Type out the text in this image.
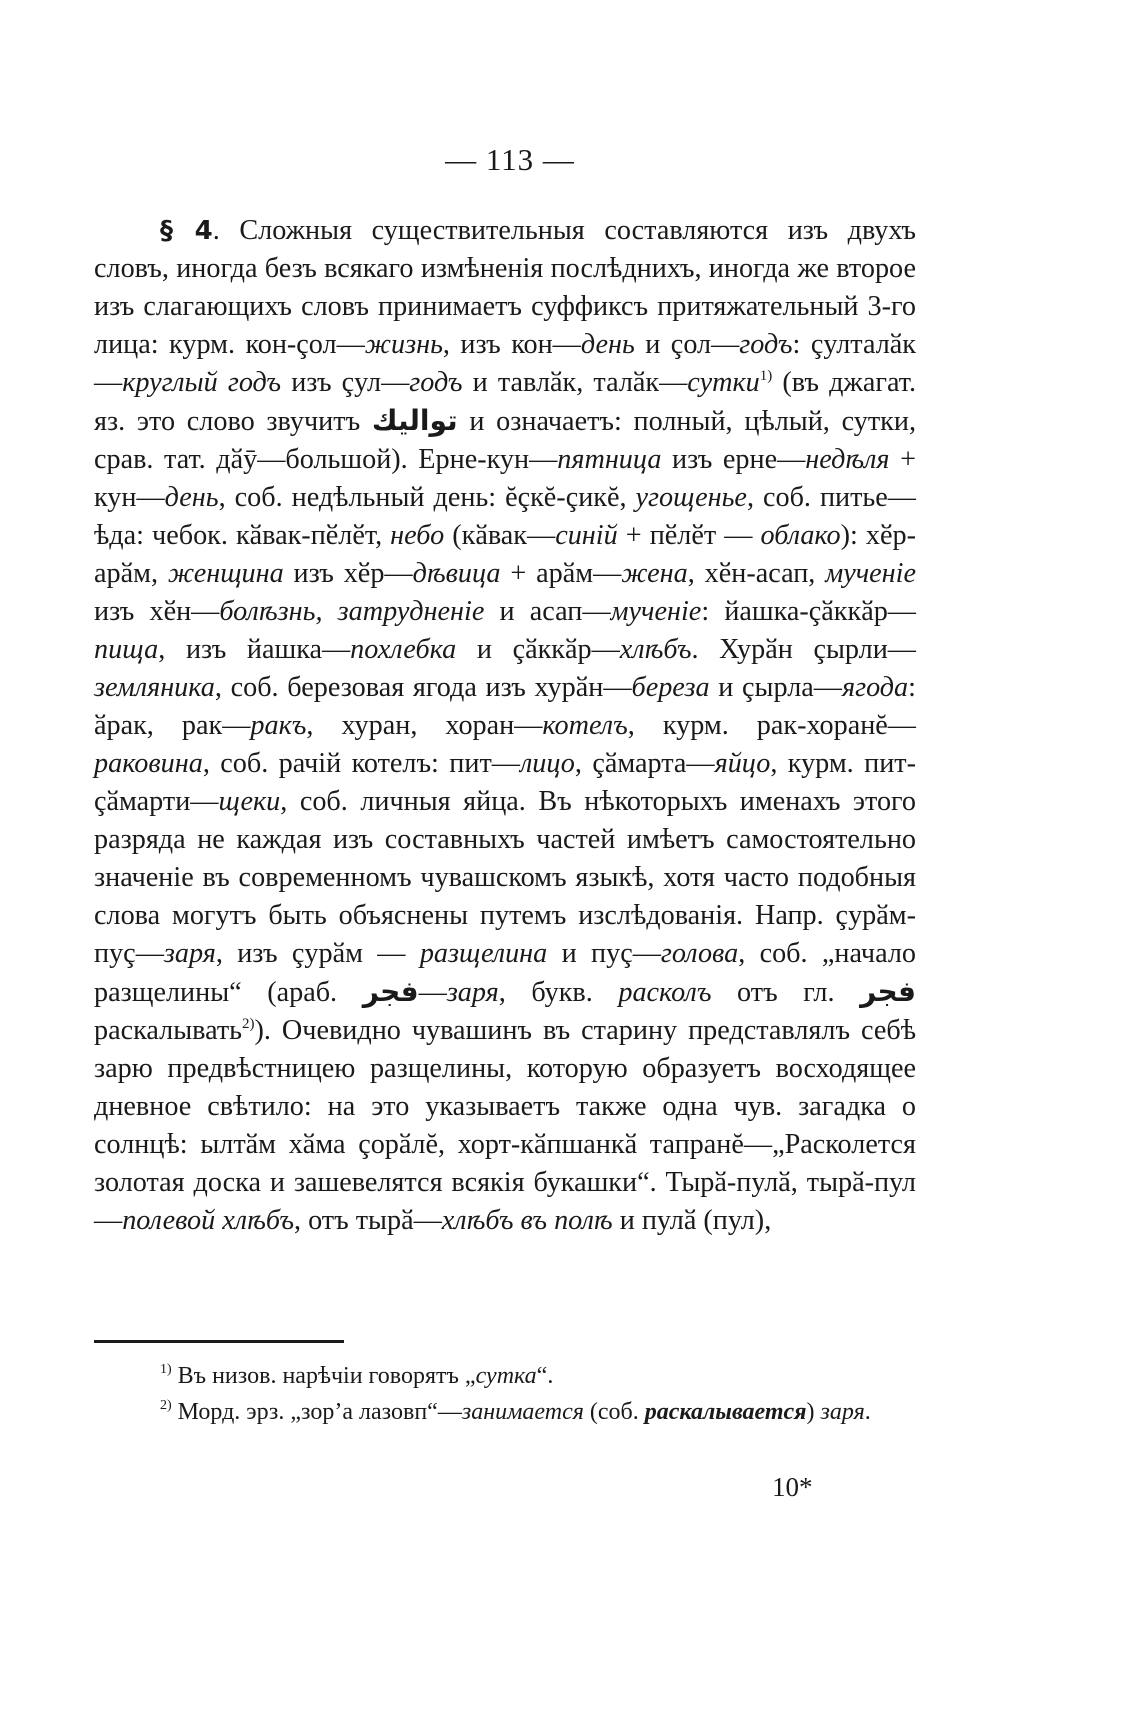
— 113 —

§ 4. Сложныя существительныя составляются изъ двухъ словъ, иногда безъ всякаго измѣненія послѣднихъ, иногда же второе изъ слагающихъ словъ принимаетъ суффиксъ притяжательный 3-го лица: курм. кон-çол—жизнь, изъ кон—день и çол—годъ: çулталӑк—круглый годъ изъ çул—годъ и тавлӑк, талӑк—сутки$^{1)}$ (въ джагат. яз. это слово звучитъ تواليك и означаетъ: полный, цѣлый, сутки, срав. тат. дӑӯ—большой). Ерне-кун—пятница изъ ерне—недѣля + кун—день, соб. недѣльный день: ĕçкĕ-çикĕ, угощенье, соб. питье—ѣда: чебок. кӑвак-пӗлӗт, небо (кӑвак—синій + пӗлӗт — облако): хӗр-арӑм, женщина изъ хӗр—дѣвица + арӑм—жена, хӗн-асап, мученіе изъ хӗн—болѣзнь, затрудненіе и асап—мученіе: йашка-çӑккӑр—пища, изъ йашка—похлебка и çӑккӑр—хлѣбъ. Хурӑн çырли—земляника, соб. березовая ягода изъ хурӑн—береза и çырла—ягода: ӑрак, рак—ракъ, хуран, хоран—котелъ, курм. рак-хоранĕ—раковина, соб. рачій котелъ: пит—лицо, çӑмарта—яйцо, курм. пит-çӑмарти—щеки, соб. личныя яйца. Въ нѣкоторыхъ именахъ этого разряда не каждая изъ составныхъ частей имѣетъ самостоятельно значеніе въ современномъ чувашскомъ языкѣ, хотя часто подобныя слова могутъ быть объяснены путемъ изслѣдованія. Напр. çурӑм-пуç—заря, изъ çурӑм — разщелина и пуç—голова, соб. „начало разщелины“ (араб. فجر—заря, букв. расколъ отъ гл. فجر раскалывать$^{2)}$). Очевидно чувашинъ въ старину представлялъ себѣ зарю предвѣстницею разщелины, которую образуетъ восходящее дневное свѣтило: на это указываетъ также одна чув. загадка о солнцѣ: ылтӑм хӑма çорӑлĕ, хорт-кӑпшанкӑ тапранĕ—„Расколется золотая доска и зашевелятся всякія букашки“. Тырӑ-пулӑ, тырӑ-пул—полевой хлѣбъ, отъ тырӑ—хлѣбъ въ полѣ и пулӑ (пул),

$^{1)}$ Въ низов. нарѣчіи говорятъ „сутка“.

$^{2)}$ Морд. эрз. „зор’а лазовп“—занимается (соб. раскалывается) заря.

10*
